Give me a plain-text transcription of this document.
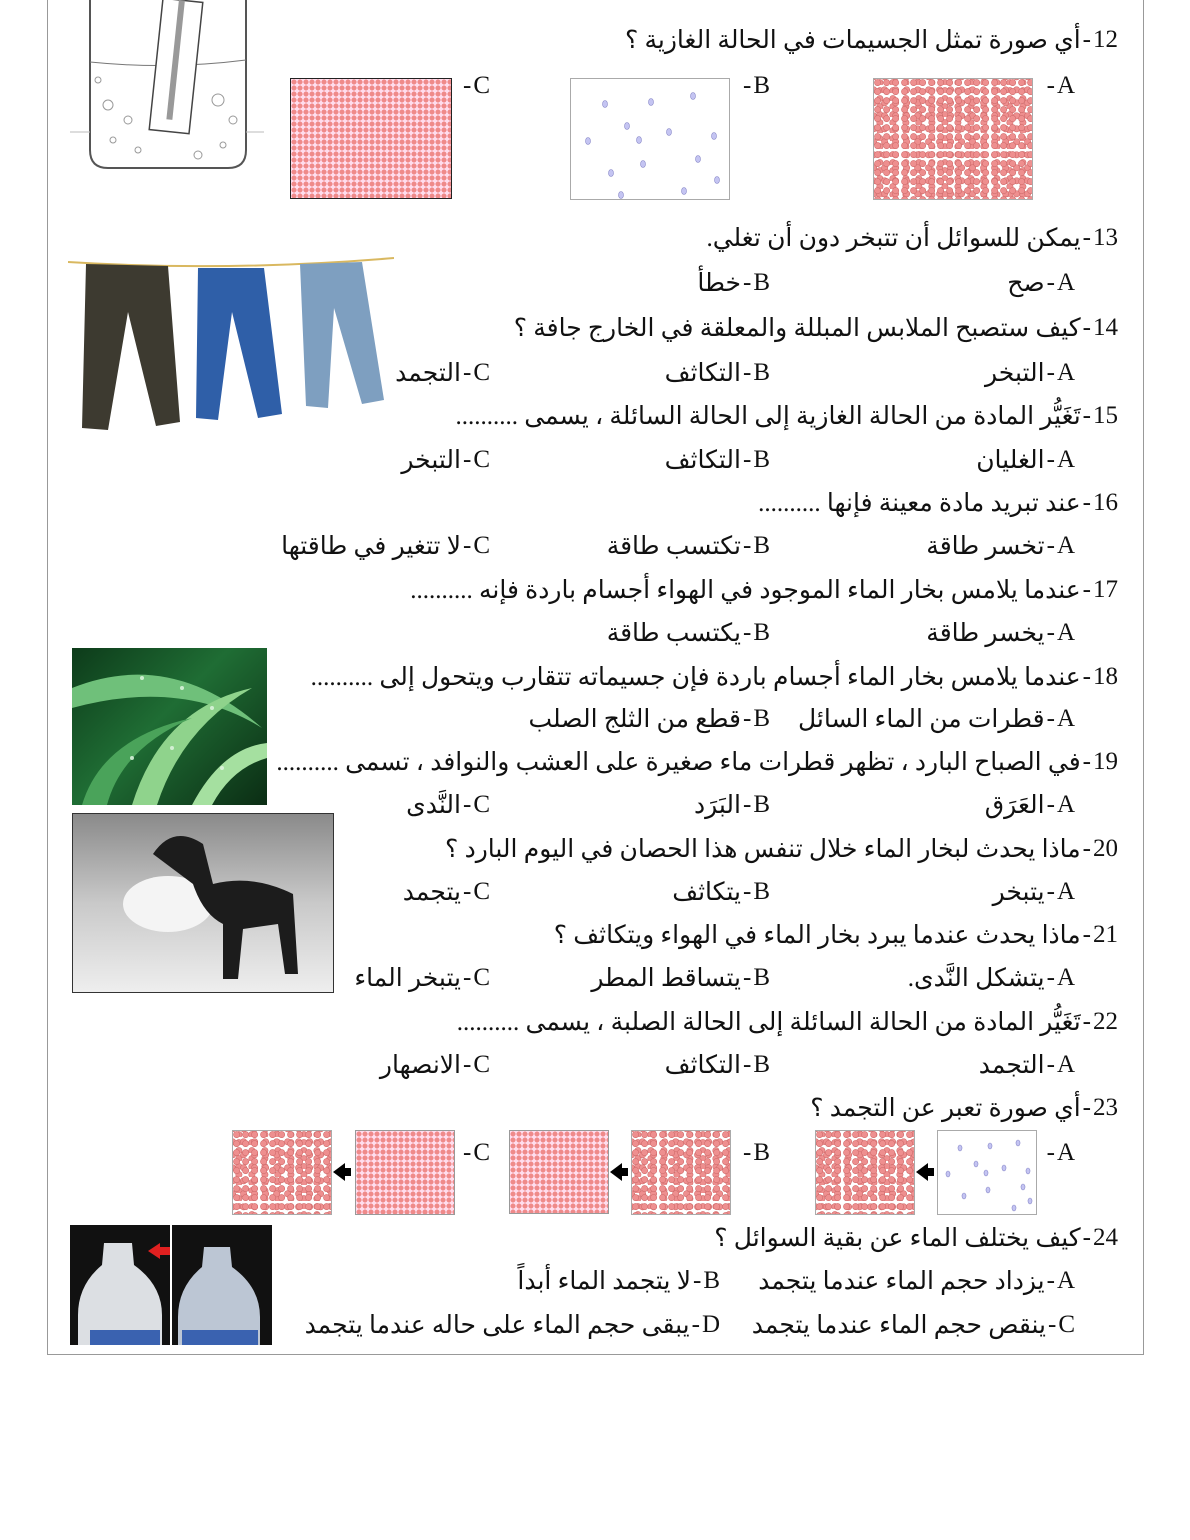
12
-
أي صورة تمثل الجسيمات في الحالة الغازية ؟
A
-
B
-
C
-
13
-
يمكن للسوائل أن تتبخر دون أن تغلي.
A
-
صح
B
-
خطأ
14
-
كيف ستصبح الملابس المبللة والمعلقة في الخارج جافة ؟
A
-
التبخر
B
-
التكاثف
C
-
التجمد
15
-
تَغَيُّر المادة من الحالة الغازية إلى الحالة السائلة ، يسمى ..........
A
-
الغليان
B
-
التكاثف
C
-
التبخر
16
-
عند تبريد مادة معينة فإنها ..........
A
-
تخسر طاقة
B
-
تكتسب طاقة
C
-
لا تتغير في طاقتها
17
-
عندما يلامس بخار الماء الموجود في الهواء أجسام باردة فإنه ..........
A
-
يخسر طاقة
B
-
يكتسب طاقة
18
-
عندما يلامس بخار الماء أجسام باردة فإن جسيماته تتقارب ويتحول إلى ..........
A
-
قطرات من الماء السائل
B
-
قطع من الثلج الصلب
19
-
في الصباح البارد ، تظهر قطرات ماء صغيرة على العشب والنوافد ، تسمى ..........
A
-
العَرَق
B
-
البَرَد
C
-
النَّدى
20
-
ماذا يحدث لبخار الماء خلال تنفس هذا الحصان في اليوم البارد ؟
A
-
يتبخر
B
-
يتكاثف
C
-
يتجمد
21
-
ماذا يحدث عندما يبرد بخار الماء في الهواء ويتكاثف ؟
A
-
يتشكل النَّدى.
B
-
يتساقط المطر
C
-
يتبخر الماء
22
-
تَغَيُّر المادة من الحالة السائلة إلى الحالة الصلبة ، يسمى ..........
A
-
التجمد
B
-
التكاثف
C
-
الانصهار
23
-
أي صورة تعبر عن التجمد ؟
A
-
B
-
C
-
24
-
كيف يختلف الماء عن بقية السوائل ؟
A
-
يزداد حجم الماء عندما يتجمد
B
-
لا يتجمد الماء أبداً
C
-
ينقص حجم الماء عندما يتجمد
D
-
يبقى حجم الماء على حاله عندما يتجمد
